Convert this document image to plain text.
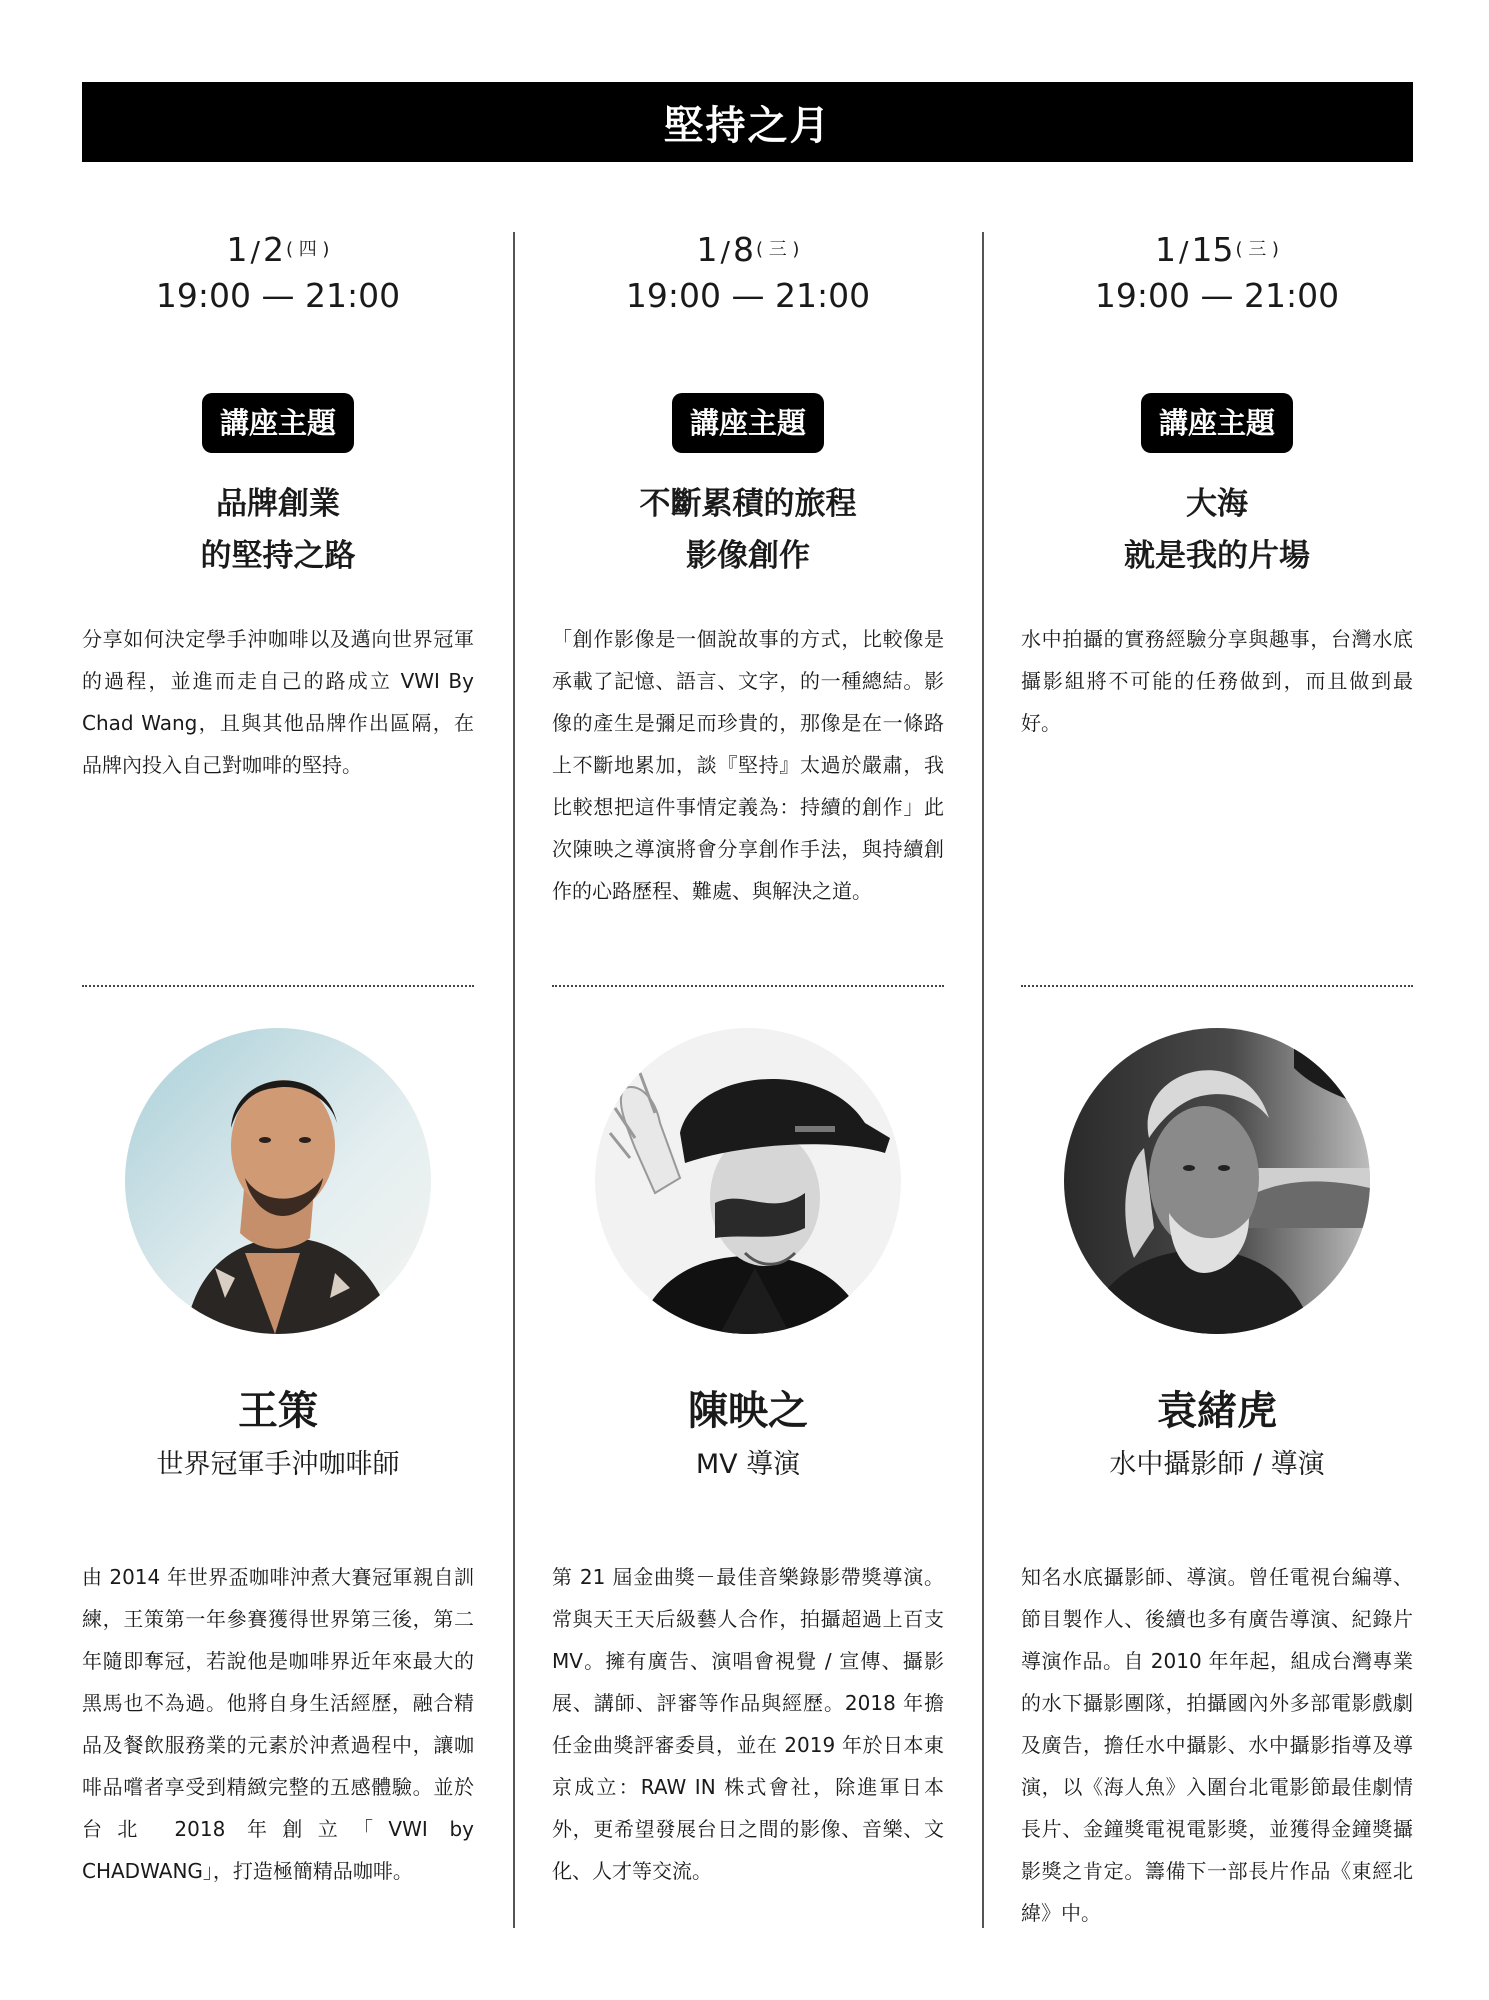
堅持之月
1 /2 ( 四 )
19:00 — 21:00
講座主題
品牌創業
的堅持之路
分享如何決定學手沖咖啡以及邁向世界冠軍的過程，並進而走自己的路成立 VWI By Chad Wang，且與其他品牌作出區隔，在品牌內投入自己對咖啡的堅持。
王策
世界冠軍手沖咖啡師
由 2014 年世界盃咖啡沖煮大賽冠軍親自訓練，王策第一年參賽獲得世界第三後，第二年隨即奪冠，若說他是咖啡界近年來最大的黑馬也不為過。他將自身生活經歷，融合精品及餐飲服務業的元素於沖煮過程中，讓咖啡品嚐者享受到精緻完整的五感體驗。並於台北 2018 年創立「VWI by CHADWANG」，打造極簡精品咖啡。
1 /8 ( 三 )
19:00 — 21:00
講座主題
不斷累積的旅程
影像創作
「創作影像是一個說故事的方式，比較像是承載了記憶、語言、文字，的一種總結。影像的產生是彌足而珍貴的，那像是在一條路上不斷地累加，談『堅持』太過於嚴肅，我比較想把這件事情定義為：持續的創作」此次陳映之導演將會分享創作手法，與持續創作的心路歷程、難處、與解決之道。
陳映之
MV 導演
第 21 屆金曲獎－最佳音樂錄影帶獎導演。常與天王天后級藝人合作，拍攝超過上百支 MV。擁有廣告、演唱會視覺 / 宣傳、攝影展、講師、評審等作品與經歷。2018 年擔任金曲獎評審委員，並在 2019 年於日本東京成立：RAW IN 株式會社，除進軍日本外，更希望發展台日之間的影像、音樂、文化、人才等交流。
1 /15 ( 三 )
19:00 — 21:00
講座主題
大海
就是我的片場
水中拍攝的實務經驗分享與趣事，台灣水底攝影組將不可能的任務做到，而且做到最好。
袁緒虎
水中攝影師 / 導演
知名水底攝影師、導演。曾任電視台編導、節目製作人、後續也多有廣告導演、紀錄片導演作品。自 2010 年年起，組成台灣專業的水下攝影團隊，拍攝國內外多部電影戲劇及廣告，擔任水中攝影、水中攝影指導及導演，以《海人魚》入圍台北電影節最佳劇情長片、金鐘獎電視電影獎，並獲得金鐘獎攝影獎之肯定。籌備下一部長片作品《東經北緯》中。
